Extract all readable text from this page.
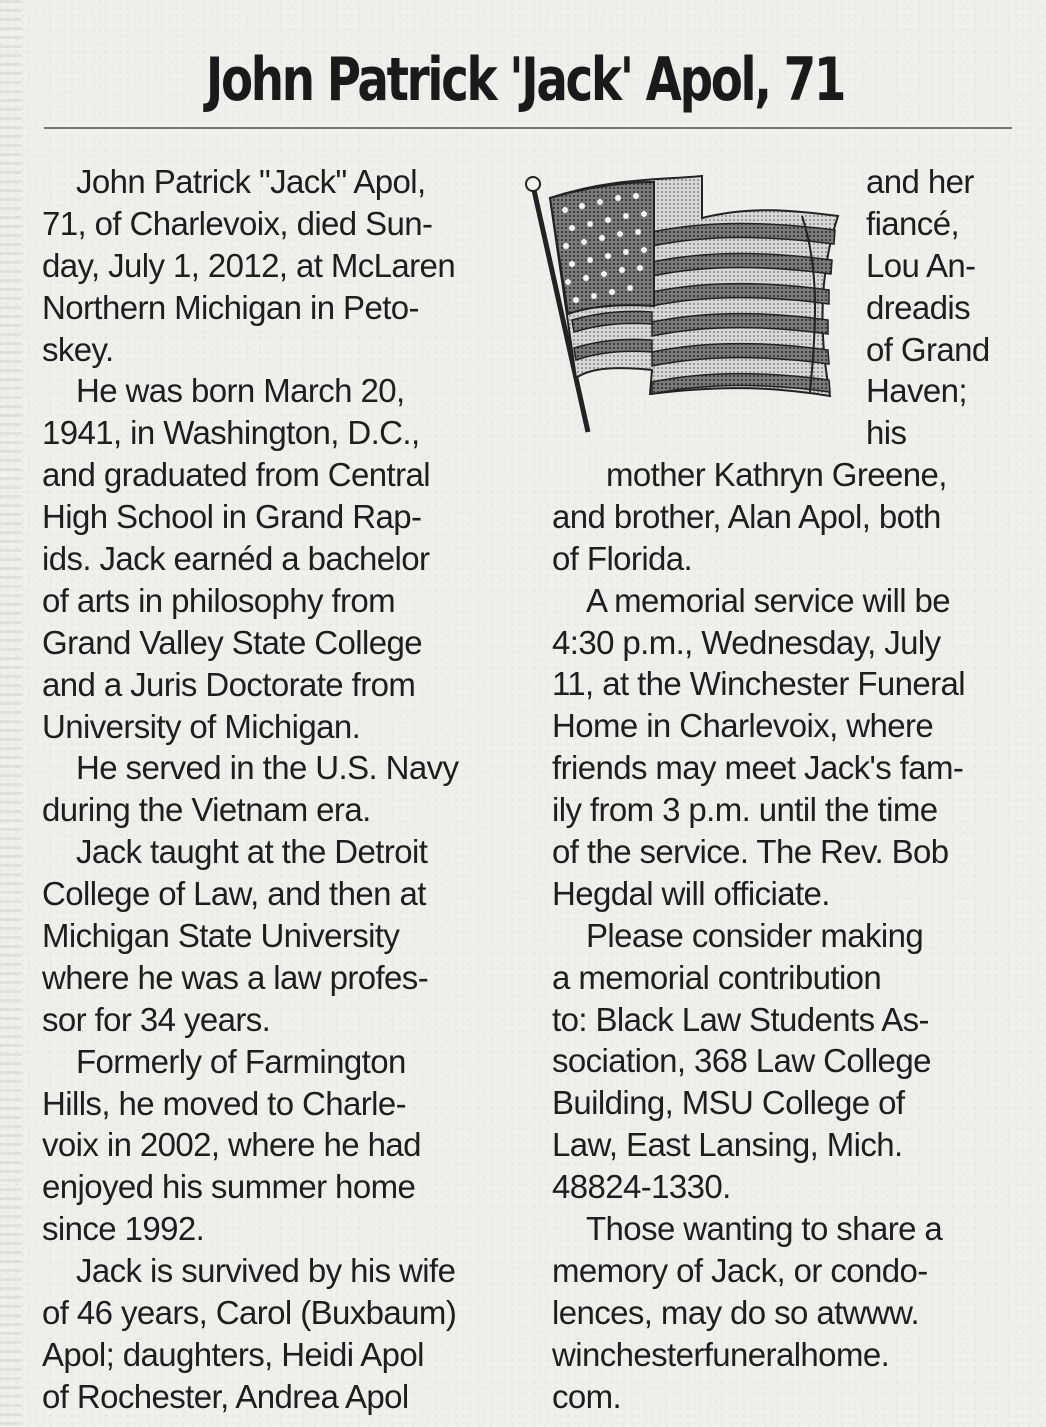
John Patrick 'Jack' Apol, 71
John Patrick "Jack" Apol,
71, of Charlevoix, died Sun-
day, July 1, 2012, at McLaren
Northern Michigan in Peto-
skey.
He was born March 20,
1941, in Washington, D.C.,
and graduated from Central
High School in Grand Rap-
ids. Jack earnéd a bachelor
of arts in philosophy from
Grand Valley State College
and a Juris Doctorate from
University of Michigan.
He served in the U.S. Navy
during the Vietnam era.
Jack taught at the Detroit
College of Law, and then at
Michigan State University
where he was a law profes-
sor for 34 years.
Formerly of Farmington
Hills, he moved to Charle-
voix in 2002, where he had
enjoyed his summer home
since 1992.
Jack is survived by his wife
of 46 years, Carol (Buxbaum)
Apol; daughters, Heidi Apol
of Rochester, Andrea Apol
and her
fiancé,
Lou An-
dreadis
of Grand
Haven;
his
mother Kathryn Greene,
and brother, Alan Apol, both
of Florida.
A memorial service will be
4:30 p.m., Wednesday, July
11, at the Winchester Funeral
Home in Charlevoix, where
friends may meet Jack's fam-
ily from 3 p.m. until the time
of the service. The Rev. Bob
Hegdal will officiate.
Please consider making
a memorial contribution
to: Black Law Students As-
sociation, 368 Law College
Building, MSU College of
Law, East Lansing, Mich.
48824-1330.
Those wanting to share a
memory of Jack, or condo-
lences, may do so atwww.
winchesterfuneralhome.
com.
